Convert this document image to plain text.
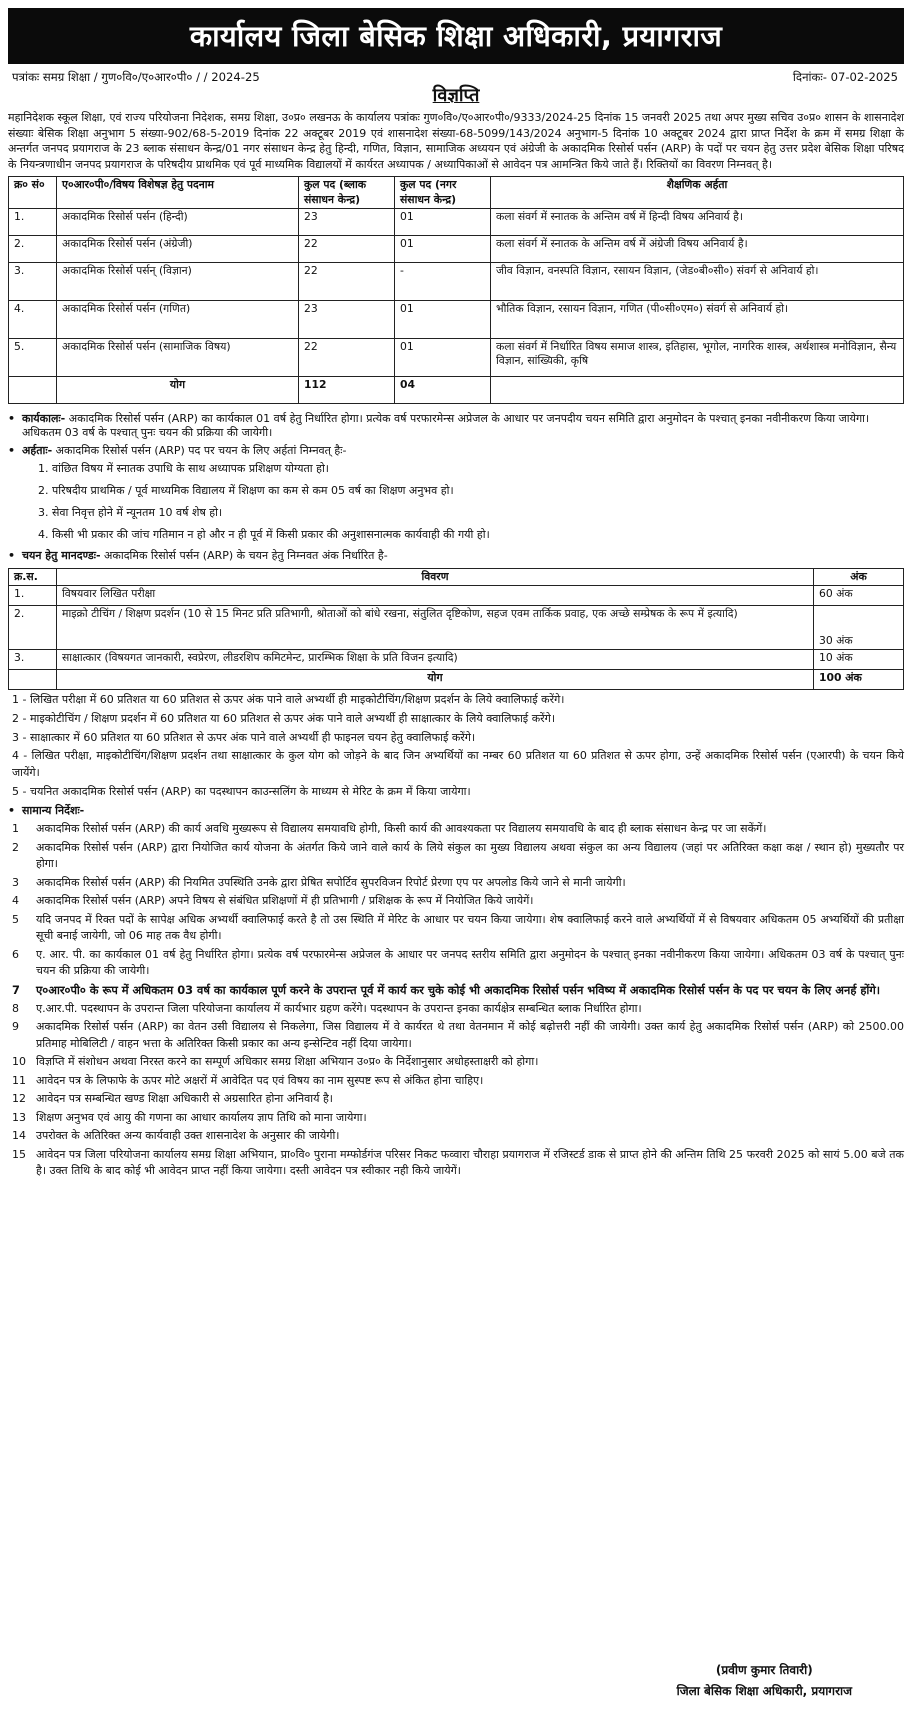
कार्यालय जिला बेसिक शिक्षा अधिकारी, प्रयागराज
पत्रांकः समग्र शिक्षा / गुण०वि०/ए०आर०पी० / / 2024-25	दिनांकः- 07-02-2025
विज्ञप्ति

महानिदेशक स्कूल शिक्षा, एवं राज्य परियोजना निदेशक, समग्र शिक्षा, उ०प्र० लखनऊ के कार्यालय पत्रांकः गुण०वि०/ए०आर०पी०/9333/2024-25 दिनांक 15 जनवरी 2025 तथा अपर मुख्य सचिव उ०प्र० शासन के शासनादेश संख्याः बेसिक शिक्षा अनुभाग 5 संख्या-902/68-5-2019 दिनांक 22 अक्टूबर 2019 एवं शासनादेश संख्या-68-5099/143/2024 अनुभाग-5 दिनांक 10 अक्टूबर 2024 द्वारा प्राप्त निर्देश के क्रम में समग्र शिक्षा के अन्तर्गत जनपद प्रयागराज के 23 ब्लाक संसाधन केन्द्र/01 नगर संसाधन केन्द्र हेतु हिन्दी, गणित, विज्ञान, सामाजिक अध्ययन एवं अंग्रेजी के अकादमिक रिसोर्स पर्सन (ARP) के पदों पर चयन हेतु उत्तर प्रदेश बेसिक शिक्षा परिषद के नियन्त्रणाधीन जनपद प्रयागराज के परिषदीय प्राथमिक एवं पूर्व माध्यमिक विद्यालयों में कार्यरत अध्यापक / अध्यापिकाओं से आवेदन पत्र आमन्त्रित किये जाते हैं। रिक्तियों का विवरण निम्नवत् है।

क्र० सं०	ए०आर०पी०/विषय विशेषज्ञ हेतु पदनाम	कुल पद (ब्लाक संसाधन केन्द्र)	कुल पद (नगर संसाधन केन्द्र)	शैक्षणिक अर्हता
1.	अकादमिक रिसोर्स पर्सन (हिन्दी)	23	01	कला संवर्ग में स्नातक के अन्तिम वर्ष में हिन्दी विषय अनिवार्य है।
2.	अकादमिक रिसोर्स पर्सन (अंग्रेजी)	22	01	कला संवर्ग में स्नातक के अन्तिम वर्ष में अंग्रेजी विषय अनिवार्य है।
3.	अकादमिक रिसोर्स पर्सन् (विज्ञान)	22	-	जीव विज्ञान, वनस्पति विज्ञान, रसायन विज्ञान, (जेड०बी०सी०) संवर्ग से अनिवार्य हो।
4.	अकादमिक रिसोर्स पर्सन (गणित)	23	01	भौतिक विज्ञान, रसायन विज्ञान, गणित (पी०सी०एम०) संवर्ग से अनिवार्य हो।
5.	अकादमिक रिसोर्स पर्सन (सामाजिक विषय)	22	01	कला संवर्ग में निर्धारित विषय समाज शास्त्र, इतिहास, भूगोल, नागरिक शास्त्र, अर्थशास्त्र मनोविज्ञान, सैन्य विज्ञान, सांख्यिकी, कृषि
	योग	112	04	
• कार्यकालः- अकादमिक रिसोर्स पर्सन (ARP) का कार्यकाल 01 वर्ष हेतु निर्धारित होगा। प्रत्येक वर्ष परफारमेन्स अप्रेजल के आधार पर जनपदीय चयन समिति द्वारा अनुमोदन के पश्चात् इनका नवीनीकरण किया जायेगा। अधिकतम 03 वर्ष के पश्चात् पुनः चयन की प्रक्रिया की जायेगी।
• अर्हताः- अकादमिक रिसोर्स पर्सन (ARP) पद पर चयन के लिए अर्हतां निम्नवत् हैः-
1. वांछित विषय में स्नातक उपाधि के साथ अध्यापक प्रशिक्षण योग्यता हो।
2. परिषदीय प्राथमिक / पूर्व माध्यमिक विद्यालय में शिक्षण का कम से कम 05 वर्ष का शिक्षण अनुभव हो।
3. सेवा निवृत्त होने में न्यूनतम 10 वर्ष शेष हो।
4. किसी भी प्रकार की जांच गतिमान न हो और न ही पूर्व में किसी प्रकार की अनुशासनात्मक कार्यवाही की गयी हो।
• चयन हेतु मानदण्डः- अकादमिक रिसोर्स पर्सन (ARP) के चयन हेतु निम्नवत अंक निर्धारित है-
क्र.स.	विवरण	अंक
1.	विषयवार लिखित परीक्षा	60 अंक
2.	माइक्रो टीचिंग / शिक्षण प्रदर्शन (10 से 15 मिनट प्रति प्रतिभागी, श्रोताओं को बांधे रखना, संतुलित दृष्टिकोण, सहज एवम तार्किक प्रवाह, एक अच्छे सम्प्रेषक के रूप में इत्यादि)	30 अंक
3.	साक्षात्कार (विषयगत जानकारी, स्वप्रेरण, लीडरशिप कमिटमेन्ट, प्रारम्भिक शिक्षा के प्रति विजन इत्यादि)	10 अंक
	योग	100 अंक
1 - लिखित परीक्षा में 60 प्रतिशत या 60 प्रतिशत से ऊपर अंक पाने वाले अभ्यर्थी ही माइकोटीचिंग/शिक्षण प्रदर्शन के लिये क्वालिफाई करेंगे।
2 - माइकोटीचिंग / शिक्षण प्रदर्शन में 60 प्रतिशत या 60 प्रतिशत से ऊपर अंक पाने वाले अभ्यर्थी ही साक्षात्कार के लिये क्वालिफाई करेंगे।
3 - साक्षात्कार में 60 प्रतिशत या 60 प्रतिशत से ऊपर अंक पाने वाले अभ्यर्थी ही फाइनल चयन हेतु क्वालिफाई करेंगे।
4 - लिखित परीक्षा, माइकोटीचिंग/शिक्षण प्रदर्शन तथा साक्षात्कार के कुल योग को जोड़ने के बाद जिन अभ्यर्थियों का नम्बर 60 प्रतिशत या 60 प्रतिशत से ऊपर होगा, उन्हें अकादमिक रिसोर्स पर्सन (एआरपी) के चयन किये जायेंगे।
5 - चयनित अकादमिक रिसोर्स पर्सन (ARP) का पदस्थापन काउन्सलिंग के माध्यम से मेरिट के क्रम में किया जायेगा।
• सामान्य निर्देशः-
1	अकादमिक रिसोर्स पर्सन (ARP) की कार्य अवधि मुख्यरूप से विद्यालय समयावधि होगी, किसी कार्य की आवश्यकता पर विद्यालय समयावधि के बाद ही ब्लाक संसाधन केन्द्र पर जा सकेंगें।
2	अकादमिक रिसोर्स पर्सन (ARP) द्वारा नियोजित कार्य योजना के अंतर्गत किये जाने वाले कार्य के लिये संकुल का मुख्य विद्यालय अथवा संकुल का अन्य विद्यालय (जहां पर अतिरिक्त कक्षा कक्ष / स्थान हो) मुख्यतौर पर होगा।
3	अकादमिक रिसोर्स पर्सन (ARP) की नियमित उपस्थिति उनके द्वारा प्रेषित सपोर्टिव सुपरविजन रिपोर्ट प्रेरणा एप पर अपलोड किये जाने से मानी जायेगी।
4	अकादमिक रिसोर्स पर्सन (ARP) अपने विषय से संबंधित प्रशिक्षणों में ही प्रतिभागी / प्रशिक्षक के रूप में नियोजित किये जायेगें।
5	यदि जनपद में रिक्त पदों के सापेक्ष अधिक अभ्यर्थी क्वालिफाई करते है तो उस स्थिति में मेरिट के आधार पर चयन किया जायेगा। शेष क्वालिफाई करने वाले अभ्यर्थियों में से विषयवार अधिकतम 05 अभ्यर्थियों की प्रतीक्षा सूची बनाई जायेगी, जो 06 माह तक वैध होगी।
6	ए. आर. पी. का कार्यकाल 01 वर्ष हेतु निर्धारित होगा। प्रत्येक वर्ष परफारमेन्स अप्रेजल के आधार पर जनपद स्तरीय समिति द्वारा अनुमोदन के पश्चात् इनका नवीनीकरण किया जायेगा। अधिकतम 03 वर्ष के पश्चात् पुनः चयन की प्रक्रिया की जायेगी।
7	ए०आर०पी० के रूप में अधिकतम 03 वर्ष का कार्यकाल पूर्ण करने के उपरान्त पूर्व में कार्य कर चुके कोई भी अकादमिक रिसोर्स पर्सन भविष्य में अकादमिक रिसोर्स पर्सन के पद पर चयन के लिए अनर्ह होंगे।
8	ए.आर.पी. पदस्थापन के उपरान्त जिला परियोजना कार्यालय में कार्यभार ग्रहण करेंगे। पदस्थापन के उपरान्त इनका कार्यक्षेत्र सम्बन्धित ब्लाक निर्धारित होगा।
9	अकादमिक रिसोर्स पर्सन (ARP) का वेतन उसी विद्यालय से निकलेगा, जिस विद्यालय में वे कार्यरत थे तथा वेतनमान में कोई बढ़ोत्तरी नहीं की जायेगी। उक्त कार्य हेतु अकादमिक रिसोर्स पर्सन (ARP) को 2500.00 प्रतिमाह मोबिलिटी / वाहन भत्ता के अतिरिक्त किसी प्रकार का अन्य इन्सेन्टिव नहीं दिया जायेगा।
10 विज्ञप्ति में संशोधन अथवा निरस्त करने का सम्पूर्ण अधिकार समग्र शिक्षा अभियान उ०प्र० के निर्देशानुसार अधोहस्ताक्षरी को होगा।
11 आवेदन पत्र के लिफाफे के ऊपर मोटे अक्षरों में आवेदित पद एवं विषय का नाम सुस्पष्ट रूप से अंकित होना चाहिए।
12 आवेदन पत्र सम्बन्धित खण्ड शिक्षा अधिकारी से अग्रसारित होना अनिवार्य है।
13 शिक्षण अनुभव एवं आयु की गणना का आधार कार्यालय ज्ञाप तिथि को माना जायेगा।
14 उपरोक्त के अतिरिक्त अन्य कार्यवाही उक्त शासनादेश के अनुसार की जायेगी।
15 आवेदन पत्र जिला परियोजना कार्यालय समग्र शिक्षा अभियान, प्रा०वि० पुराना मम्फोर्डगंज परिसर निकट फव्वारा चौराहा प्रयागराज में रजिस्टर्ड डाक से प्राप्त होने की अन्तिम तिथि 25 फरवरी 2025 को सायं 5.00 बजे तक है। उक्त तिथि के बाद कोई भी आवेदन प्राप्त नहीं किया जायेगा। दस्ती आवेदन पत्र स्वीकार नही किये जायेगें।
(प्रवीण कुमार तिवारी)
जिला बेसिक शिक्षा अधिकारी, प्रयागराज
